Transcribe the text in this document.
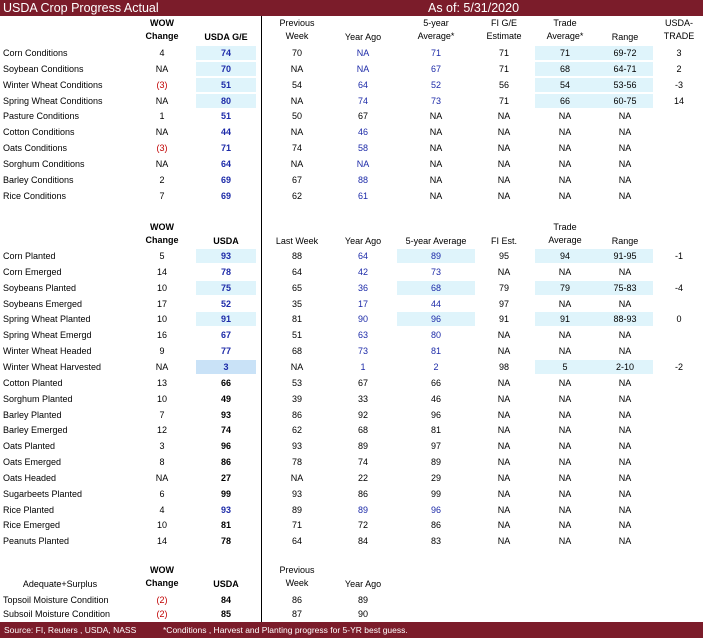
USDA Crop Progress Actual	As of: 5/31/2020
WOW
Change	USDA G/E
Previous
Week	Year Ago
5-year
Average*
FI G/E
Estimate
Trade
Average*	Range
USDA-
TRADE
Corn Conditions	4	74	70	NA	71	71	71	69-72	3
Soybean Conditions	NA	70	NA	NA	67	71	68	64-71	2
Winter Wheat Conditions	(3)	51	54	64	52	56	54	53-56	-3
Spring Wheat Conditions	NA	80	NA	74	73	71	66	60-75	14
Pasture Conditions	1	51	50	67	NA	NA	NA	NA
Cotton Conditions	NA	44	NA	46	NA	NA	NA	NA
Oats Conditions	(3)	71	74	58	NA	NA	NA	NA
Sorghum Conditions	NA	64	NA	NA	NA	NA	NA	NA
Barley Conditions	2	69	67	88	NA	NA	NA	NA
Rice Conditions	7	69	62	61	NA	NA	NA	NA
WOW
Change	USDA	Last Week	Year Ago	5-year Average	FI Est.
Trade
Average	Range
Corn Planted	5	93	88	64	89	95	94	91-95	-1
Corn Emerged	14	78	64	42	73	NA	NA	NA
Soybeans Planted	10	75	65	36	68	79	79	75-83	-4
Soybeans Emerged	17	52	35	17	44	97	NA	NA
Spring Wheat Planted	10	91	81	90	96	91	91	88-93	0
Spring Wheat Emergd	16	67	51	63	80	NA	NA	NA
Winter Wheat Headed	9	77	68	73	81	NA	NA	NA
Winter Wheat Harvested	NA	3	NA	1	2	98	5	2-10	-2
Cotton Planted	13	66	53	67	66	NA	NA	NA
Sorghum Planted	10	49	39	33	46	NA	NA	NA
Barley Planted	7	93	86	92	96	NA	NA	NA
Barley Emerged	12	74	62	68	81	NA	NA	NA
Oats Planted	3	96	93	89	97	NA	NA	NA
Oats Emerged	8	86	78	74	89	NA	NA	NA
Oats Headed	NA	27	NA	22	29	NA	NA	NA
Sugarbeets Planted	6	99	93	86	99	NA	NA	NA
Rice Planted	4	93	89	89	96	NA	NA	NA
Rice Emerged	10	81	71	72	86	NA	NA	NA
Peanuts Planted	14	78	64	84	83	NA	NA	NA
Adequate+Surplus
WOW
Change	USDA
Previous
Week	Year Ago
Topsoil Moisture Condition	(2)	84	86	89
Subsoil Moisture Condition	(2)	85	87	90
Source: FI, Reuters , USDA, NASS	*Conditions , Harvest and Planting progress for 5-YR best guess.
